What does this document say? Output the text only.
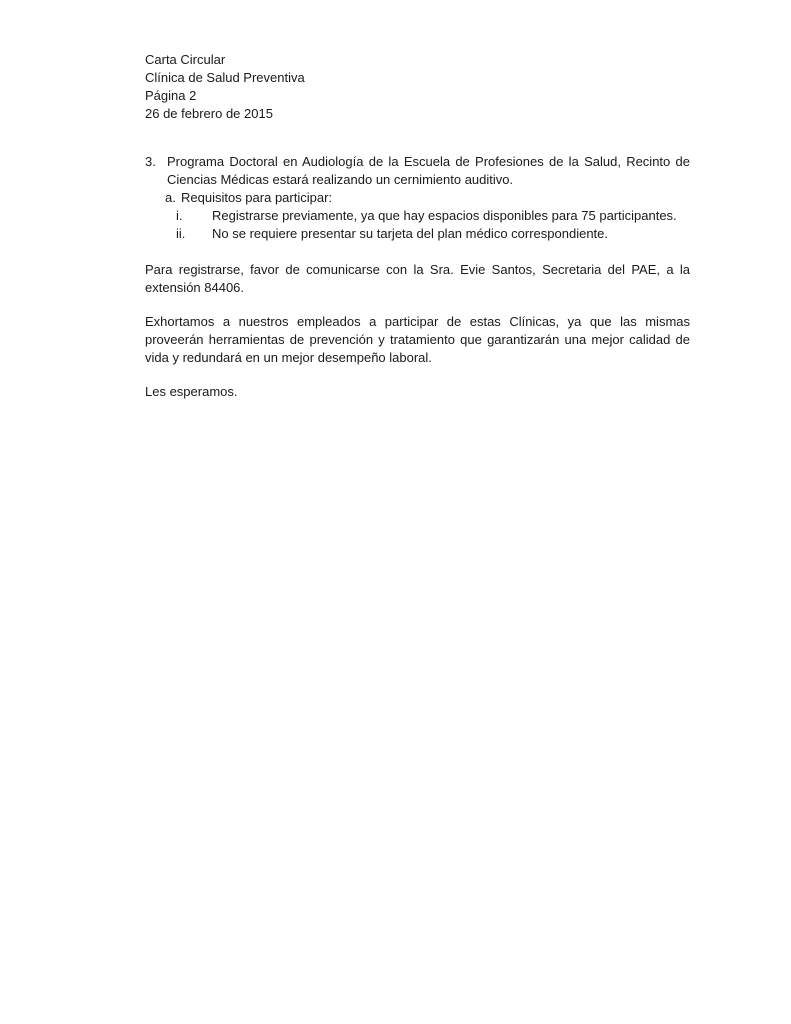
Carta Circular
Clínica de Salud Preventiva
Página 2
26 de febrero de 2015
3. Programa Doctoral en Audiología de la Escuela de Profesiones de la Salud, Recinto de Ciencias Médicas estará realizando un cernimiento auditivo.
a. Requisitos para participar:
i. Registrarse previamente, ya que hay espacios disponibles para 75 participantes.
ii. No se requiere presentar su tarjeta del plan médico correspondiente.
Para registrarse, favor de comunicarse con la Sra. Evie Santos, Secretaria del PAE, a la extensión 84406.
Exhortamos a nuestros empleados a participar de estas Clínicas, ya que las mismas proveerán herramientas de prevención y tratamiento que garantizarán una mejor calidad de vida y redundará en un mejor desempeño laboral.
Les esperamos.
